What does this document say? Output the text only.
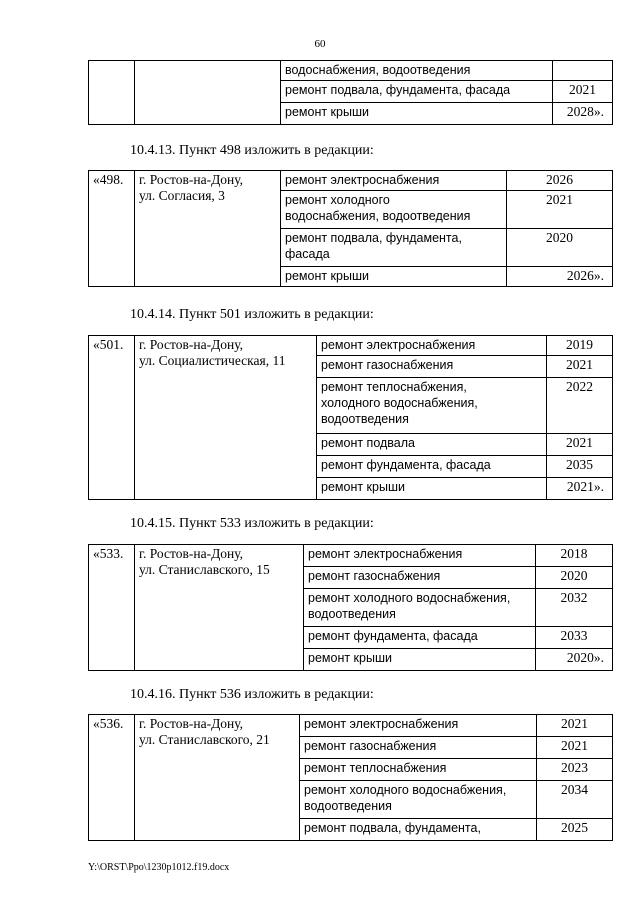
60
		водоснабжения, водоотведения	
		ремонт подвала, фундамента, фасада	2021
		ремонт крыши	2028».
10.4.13. Пункт 498 изложить в редакции:
«498.	г. Ростов-на-Дону,
ул. Согласия, 3	ремонт электроснабжения	2026
		ремонт холодного
водоснабжения, водоотведения	2021
		ремонт подвала, фундамента,
фасада	2020
		ремонт крыши	2026».
10.4.14. Пункт 501 изложить в редакции:
«501.	г. Ростов-на-Дону,
ул. Социалистическая, 11	ремонт электроснабжения	2019
		ремонт газоснабжения	2021
		ремонт теплоснабжения,
холодного водоснабжения,
водоотведения	2022
		ремонт подвала	2021
		ремонт фундамента, фасада	2035
		ремонт крыши	2021».
10.4.15. Пункт 533 изложить в редакции:
«533.	г. Ростов-на-Дону,
ул. Станиславского, 15	ремонт электроснабжения	2018
		ремонт газоснабжения	2020
		ремонт холодного водоснабжения,
водоотведения	2032
		ремонт фундамента, фасада	2033
		ремонт крыши	2020».
10.4.16. Пункт 536 изложить в редакции:
«536.	г. Ростов-на-Дону,
ул. Станиславского, 21	ремонт электроснабжения	2021
		ремонт газоснабжения	2021
		ремонт теплоснабжения	2023
		ремонт холодного водоснабжения,
водоотведения	2034
		ремонт подвала, фундамента,	2025
Y:\ORST\Ppo\1230p1012.f19.docx
